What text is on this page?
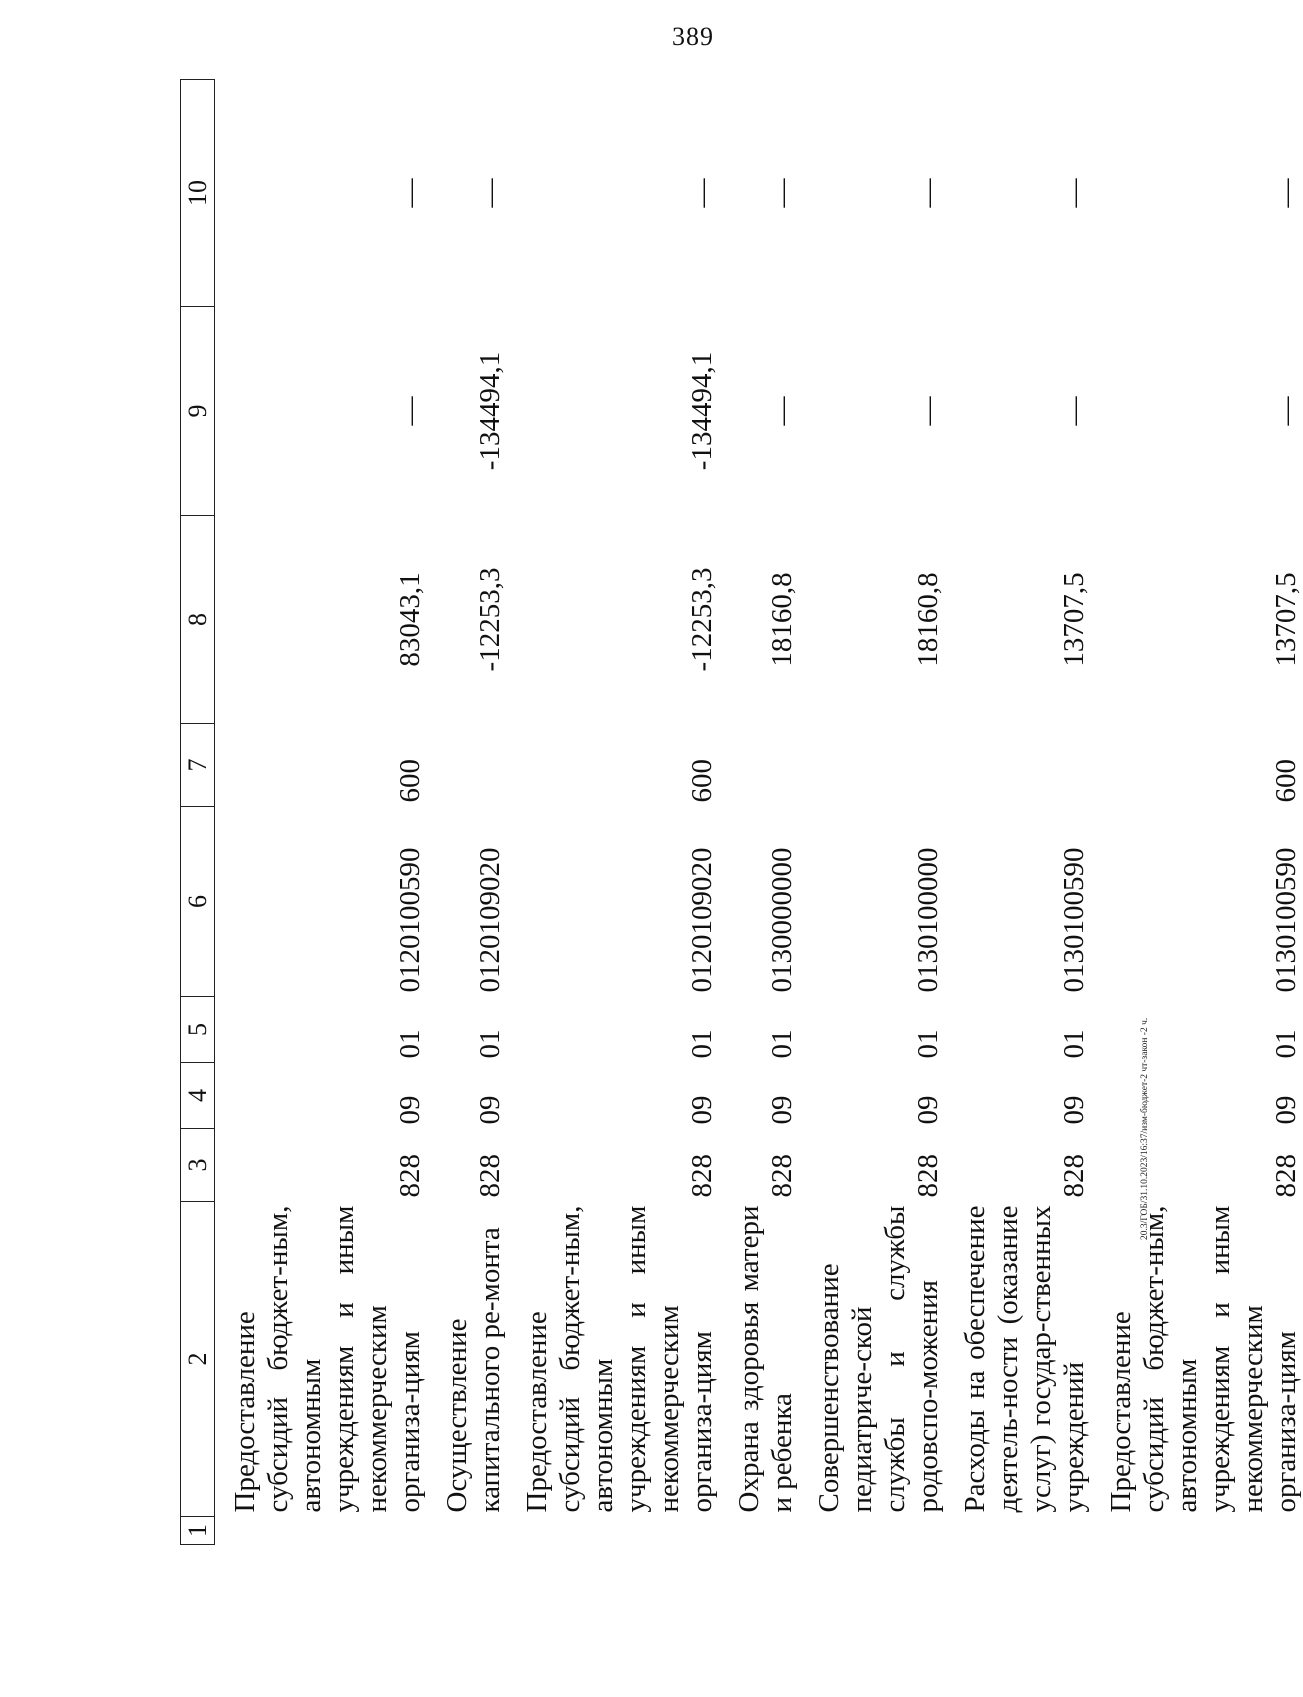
389
20.3/ГОБ/31.10.2023/16:37/изм-бюджет-2 чт-закон -2 ч.
1	2	3	4	5	6	7	8	9	10
	Предоставление субсидий бюджет-ным, автономным учреждениям и иным некоммерческим организа-циям	828	09	01	0120100590	600	83043,1	—	—
	Осуществление капитального ре-монта	828	09	01	0120109020		-12253,3	-134494,1	—
	Предоставление субсидий бюджет-ным, автономным учреждениям и иным некоммерческим организа-циям	828	09	01	0120109020	600	-12253,3	-134494,1	—
	Охрана здоровья матери и ребенка	828	09	01	0130000000		18160,8	—	—
	Совершенствование педиатриче-ской службы и службы родовспо-можения	828	09	01	0130100000		18160,8	—	—
	Расходы на обеспечение деятель-ности (оказание услуг) государ-ственных учреждений	828	09	01	0130100590		13707,5	—	—
	Предоставление субсидий бюджет-ным, автономным учреждениям и иным некоммерческим организа-циям	828	09	01	0130100590	600	13707,5	—	—
